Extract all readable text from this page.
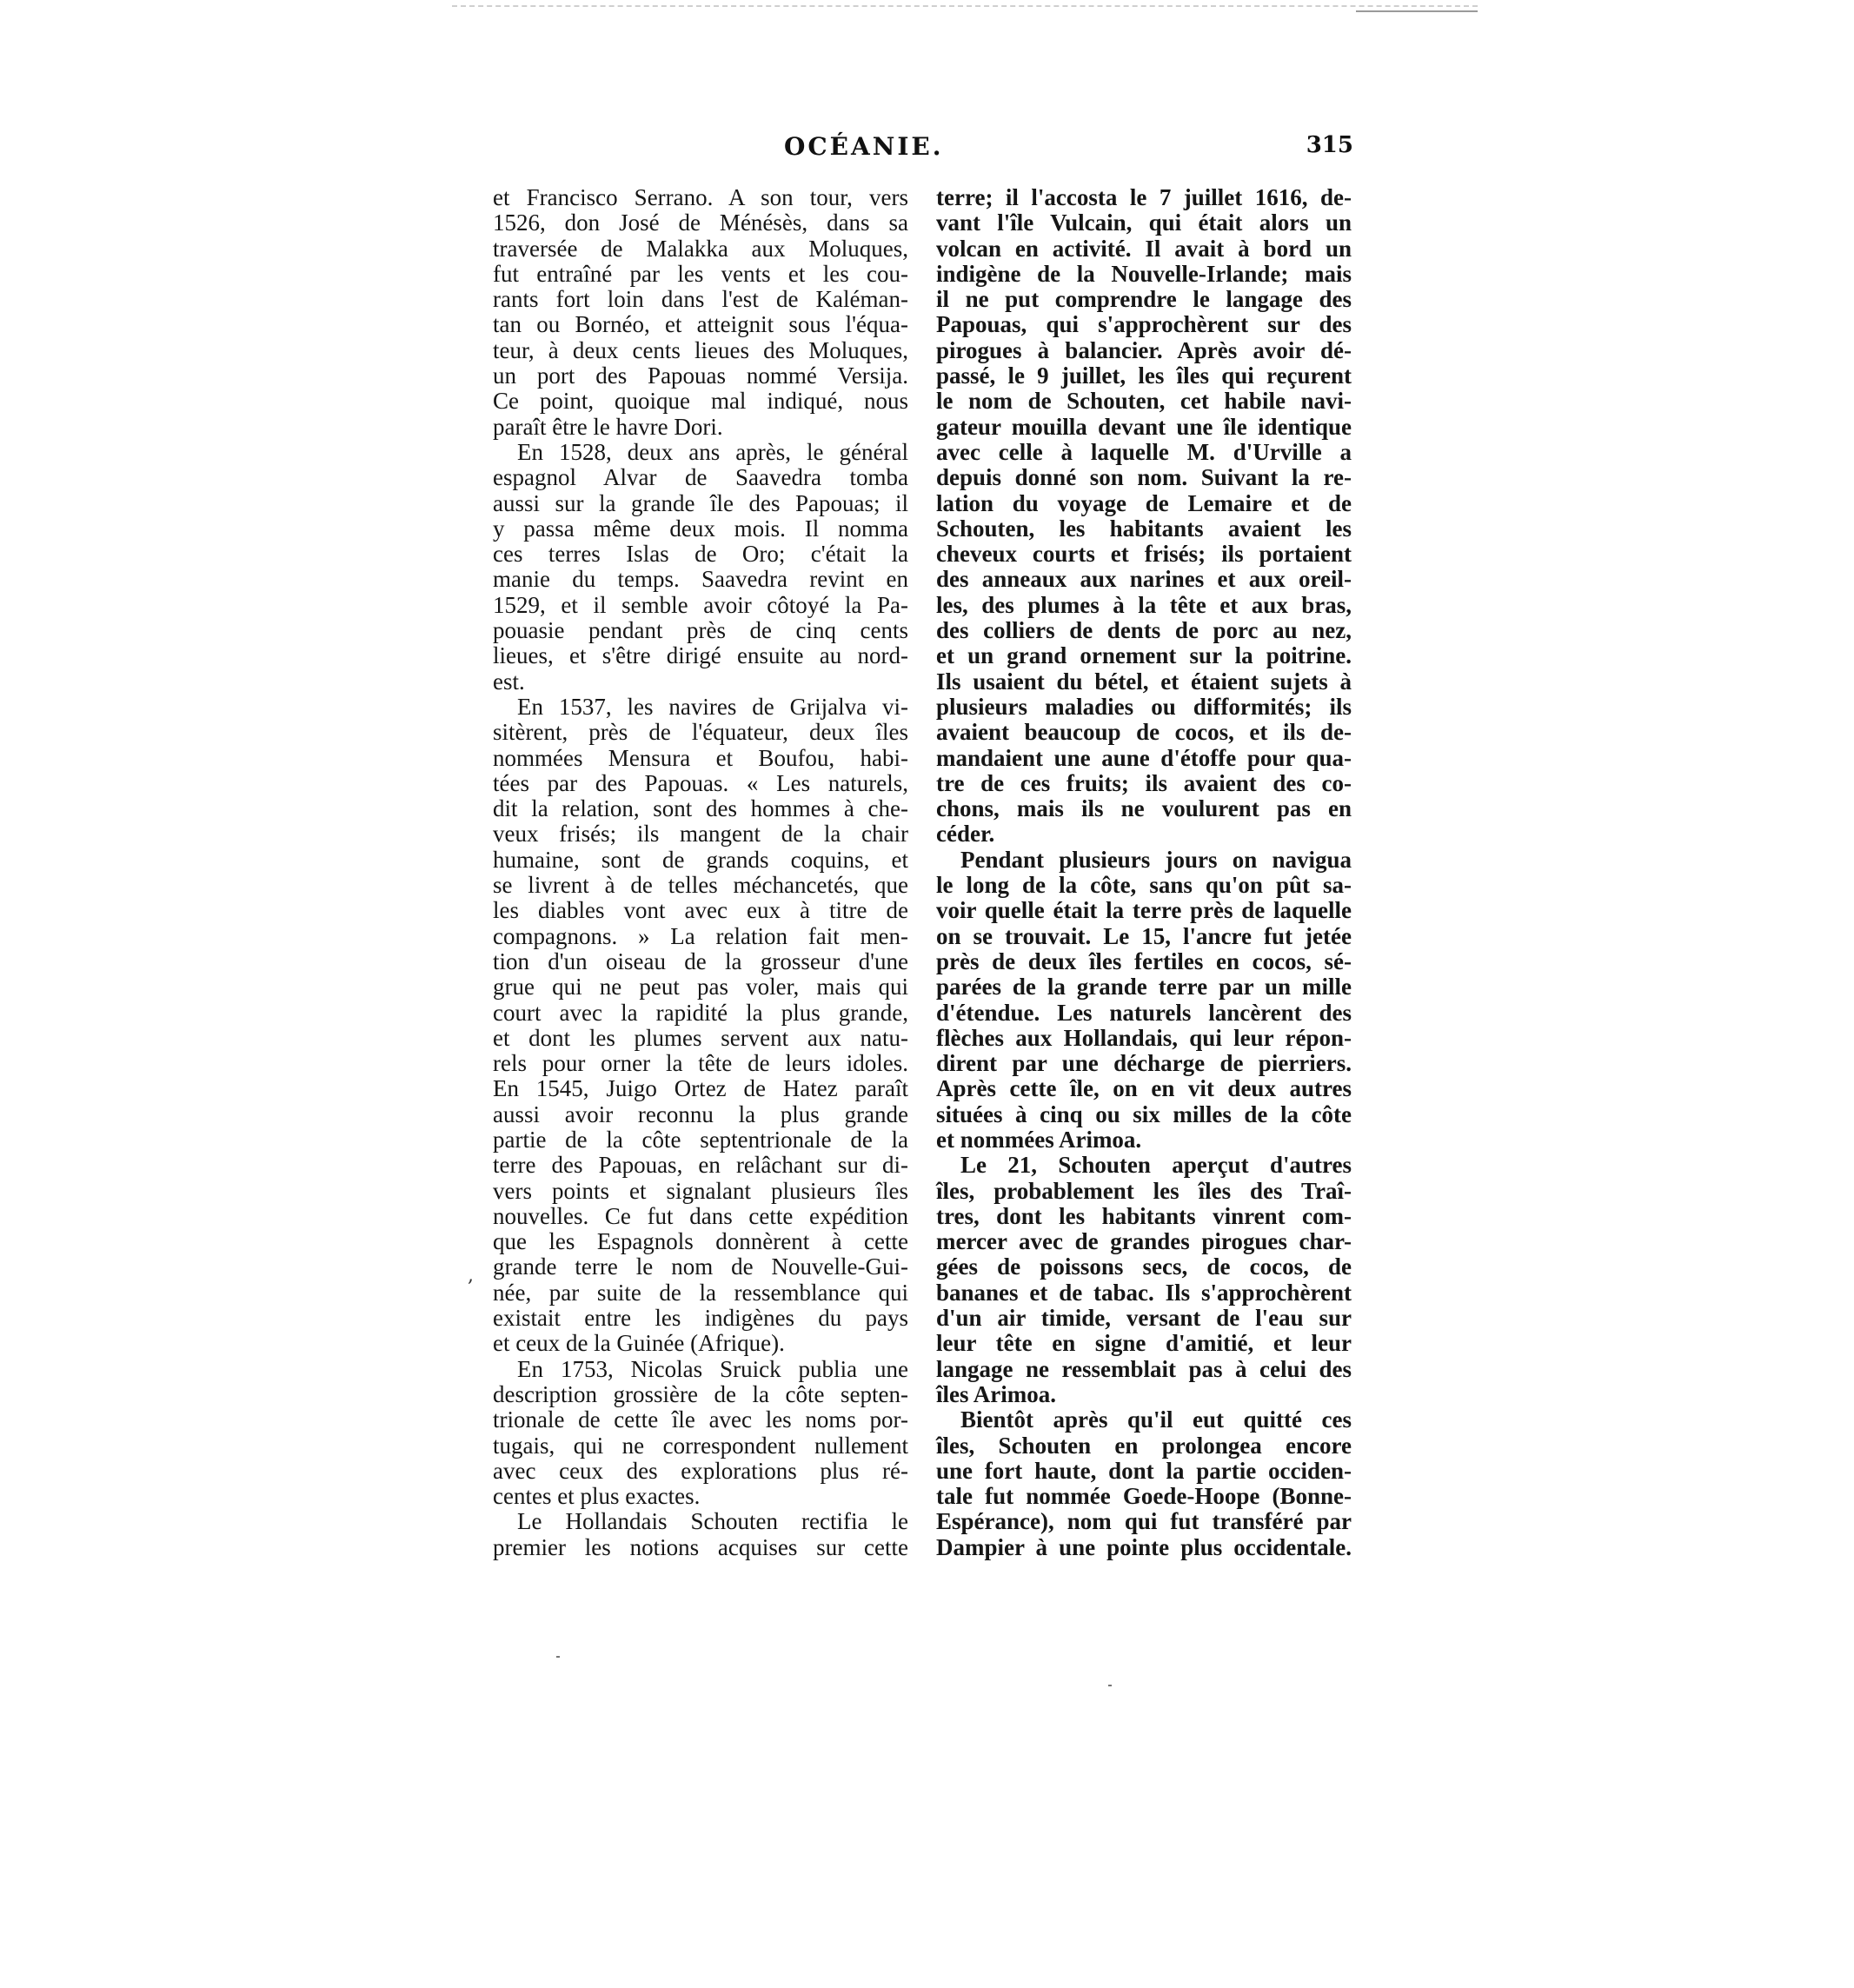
OCÉANIE.	315
,
et Francisco Serrano. A son tour, vers
1526, don José de Ménésès, dans sa
traversée de Malakka aux Moluques,
fut entraîné par les vents et les cou-
rants fort loin dans l'est de Kaléman-
tan ou Bornéo, et atteignit sous l'équa-
teur, à deux cents lieues des Moluques,
un port des Papouas nommé Versija.
Ce point, quoique mal indiqué, nous
paraît être le havre Dori.
En 1528, deux ans après, le général
espagnol Alvar de Saavedra tomba
aussi sur la grande île des Papouas; il
y passa même deux mois. Il nomma
ces terres Islas de Oro; c'était la
manie du temps. Saavedra revint en
1529, et il semble avoir côtoyé la Pa-
pouasie pendant près de cinq cents
lieues, et s'être dirigé ensuite au nord-
est.
En 1537, les navires de Grijalva vi-
sitèrent, près de l'équateur, deux îles
nommées Mensura et Boufou, habi-
tées par des Papouas. « Les naturels,
dit la relation, sont des hommes à che-
veux frisés; ils mangent de la chair
humaine, sont de grands coquins, et
se livrent à de telles méchancetés, que
les diables vont avec eux à titre de
compagnons. » La relation fait men-
tion d'un oiseau de la grosseur d'une
grue qui ne peut pas voler, mais qui
court avec la rapidité la plus grande,
et dont les plumes servent aux natu-
rels pour orner la tête de leurs idoles.
En 1545, Juigo Ortez de Hatez paraît
aussi avoir reconnu la plus grande
partie de la côte septentrionale de la
terre des Papouas, en relâchant sur di-
vers points et signalant plusieurs îles
nouvelles. Ce fut dans cette expédition
que les Espagnols donnèrent à cette
grande terre le nom de Nouvelle-Gui-
née, par suite de la ressemblance qui
existait entre les indigènes du pays
et ceux de la Guinée (Afrique).
En 1753, Nicolas Sruick publia une
description grossière de la côte septen-
trionale de cette île avec les noms por-
tugais, qui ne correspondent nullement
avec ceux des explorations plus ré-
centes et plus exactes.
Le Hollandais Schouten rectifia le
premier les notions acquises sur cette
terre; il l'accosta le 7 juillet 1616, de-
vant l'île Vulcain, qui était alors un
volcan en activité. Il avait à bord un
indigène de la Nouvelle-Irlande; mais
il ne put comprendre le langage des
Papouas, qui s'approchèrent sur des
pirogues à balancier. Après avoir dé-
passé, le 9 juillet, les îles qui reçurent
le nom de Schouten, cet habile navi-
gateur mouilla devant une île identique
avec celle à laquelle M. d'Urville a
depuis donné son nom. Suivant la re-
lation du voyage de Lemaire et de
Schouten, les habitants avaient les
cheveux courts et frisés; ils portaient
des anneaux aux narines et aux oreil-
les, des plumes à la tête et aux bras,
des colliers de dents de porc au nez,
et un grand ornement sur la poitrine.
Ils usaient du bétel, et étaient sujets à
plusieurs maladies ou difformités; ils
avaient beaucoup de cocos, et ils de-
mandaient une aune d'étoffe pour qua-
tre de ces fruits; ils avaient des co-
chons, mais ils ne voulurent pas en
céder.
Pendant plusieurs jours on navigua
le long de la côte, sans qu'on pût sa-
voir quelle était la terre près de laquelle
on se trouvait. Le 15, l'ancre fut jetée
près de deux îles fertiles en cocos, sé-
parées de la grande terre par un mille
d'étendue. Les naturels lancèrent des
flèches aux Hollandais, qui leur répon-
dirent par une décharge de pierriers.
Après cette île, on en vit deux autres
situées à cinq ou six milles de la côte
et nommées Arimoa.
Le 21, Schouten aperçut d'autres
îles, probablement les îles des Traî-
tres, dont les habitants vinrent com-
mercer avec de grandes pirogues char-
gées de poissons secs, de cocos, de
bananes et de tabac. Ils s'approchèrent
d'un air timide, versant de l'eau sur
leur tête en signe d'amitié, et leur
langage ne ressemblait pas à celui des
îles Arimoa.
Bientôt après qu'il eut quitté ces
îles, Schouten en prolongea encore
une fort haute, dont la partie occiden-
tale fut nommée Goede-Hoope (Bonne-
Espérance), nom qui fut transféré par
Dampier à une pointe plus occidentale.
